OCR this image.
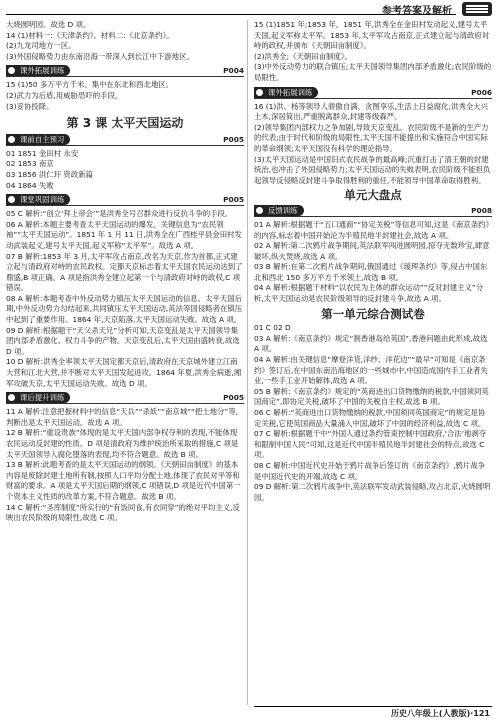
参考答案及解析

大烧圆明园。故选 D 项。

14 (1)材料一:《天津条约》。材料二:《北京条约》。

(2)九龙司地方一区。

(3)外国侵略势力由东南沿海一带深入到长江中下游地区。

课外拓展训练	P004

15 (1)50 多万平方千米。集中在东北和西北地区。

(2)武力为后盾,用威胁恐吓的手段。

(3)妥协投降。

第 3 课 太平天国运动
课前自主预习	P005

01 1851 金田村 永安

02 1853 南京

03 1856 洪仁玕 资政新篇

04 1864 失败

课堂巩固训练	P005

05 C 解析:“创立‘拜上帝会’”是洪秀全号召群众进行反抗斗争的手段。

06 A 解析:本题主要考查太平天国运动的爆发。关键信息为“农民领袖”“太平天国运动”。1851 年 1 月 11 日,洪秀全在广西桂平县金田村发动武装起义,建号太平天国,起义军称“太平军”。故选 A 项。

07 B 解析:1853 年 3 月,太平军攻占南京,改名为天京,作为首都,正式建立起与清政府对峙的农民政权。定都天京标志着太平天国农民运动达到了鼎盛,B 项正确。A 项是指洪秀全建立起第一个与清政府对峙的政权,C 项错误。

08 A 解析:本题考查中外反动势力镇压太平天国运动的信息。太平天国后期,中外反动势力勾结起来,共同镇压太平天国运动,英法等国侵略者在镇压中起到了重要作用。1864 年,天京陷落,太平天国运动失败。故选 A 项。

09 D 解析:根据题干“天父杀天兄”分析可知,天京变乱是太平天国领导集团内部矛盾激化、权力斗争的产物。天京变乱后,太平天国由盛转衰,故选 D 项。

10 D 解析:洪秀全率领太平天国定都天京后,清政府在天京城外建立江南大营和江北大营,并不断对太平天国发起进攻。1864 年夏,洪秀全病逝,湘军攻破天京,太平天国运动失败。故选 D 项。

课后提升训练	P005

11 A 解析:注意把握材料中的信息“天兵”“杀妖”“南京城”“把土地分”等,判断出是太平天国运动。故选 A 项。

12 B 解析:“重设贵族”体现的是太平天国内部争权夺利的表现,不能体现农民运动反封建的性质。D 项是清政府为维护统治所采取的措施,C 项是太平天国领导人腐化堕落的表现,均不符合题意。故选 B 项。

13 B 解析:此题考查的是太平天国运动的纲领。《天朝田亩制度》的基本内容是废除封建土地所有制,按照人口平均分配土地,体现了农民对平等和财富的要求。A 项是太平天国后期的纲领,C 项错误,D 项是近代中国第一个资本主义性质的改革方案,不符合题意。故选 B 项。

14 C 解析:“圣库制度”所实行的“有饭同食,有衣同穿”的绝对平均主义,反映出农民阶级的局限性,故选 C 项。

15 (1)1851 年;1853 年。1851 年,洪秀全在金田村发动起义,建号太平天国,起义军称太平军。1853 年,太平军攻占南京,正式建立起与清政府对峙的政权,并颁布《天朝田亩制度》。

(2)洪秀全;《天朝田亩制度》。

(3)中外反动势力的联合镇压;太平天国领导集团内部矛盾激化;农民阶级的局限性。

课外拓展训练	P006

16 (1)洪、杨等领导人骄傲自满、贪图享乐,生活上日益腐化;洪秀全大兴土木,深居简出,严重脱离群众,封建等级森严。

(2)领导集团内部权力之争加剧,导致天京变乱。农民阶级不是新的生产力的代表;由于时代和阶级的局限性,太平天国不能提出和实施符合中国实际的革命纲领;太平天国没有科学的理论指导。

(3)太平天国运动是中国旧式农民战争的最高峰;沉重打击了清王朝的封建统治,也冲击了外国侵略势力;太平天国运动的失败表明,农民阶级不能担负起领导反侵略反封建斗争取得胜利的重任,不能领导中国革命取得胜利。

单元大盘点
反馈训练	P008

01 A 解析:根据题干“五口通商”“协定关税”等信息可知,这是《南京条约》的内容,标志着中国开始沦为半殖民地半封建社会,故选 A 项。

02 A 解析:第二次鸦片战争期间,英法联军闯进圆明园,掠夺无数珍宝,肆意破坏,纵火焚烧,故选 A 项。

03 B 解析:在第二次鸦片战争期间,俄国通过《瑷珲条约》等,侵占中国东北和西北 150 多万平方千米领土,故选 B 项。

04 A 解析:根据题干材料“以农民为主体的群众运动”“反对封建主义”分析,太平天国运动是农民阶级领导的反封建斗争,故选 A 项。

第一单元综合测试卷

01 C 02 D

03 A 解析:《南京条约》规定“割香港岛给英国”,香港问题由此形成,故选 A 项。

04 A 解析:由关键信息“摩登洋货,洋纱、洋花边”“最早”可知是《南京条约》签订后,在中国东南沿海地区的一些城市中,中国造成国内手工业者失业,一些手工业开始解体,故选 A 项。

05 B 解析:《南京条约》规定的“英商进出口货物缴纳的税款,中国须同英国商定”,即协定关税,破坏了中国的关税自主权,故选 B 项。

06 C 解析:“英商进出口货物缴纳的税款,中国须同英国商定”的规定是协定关税,它使英国商品大量涌入中国,破坏了中国的经济利益,故选 C 项。

07 C 解析:根据题干中“外国人通过条约管束控制中国政府,‘合法’地剥夺和限制中国人民”可知,这是近代中国半殖民地半封建社会的特点,故选 C 项。

08 C 解析:中国近代史开始于鸦片战争后签订的《南京条约》,鸦片战争是中国近代史的开端,故选 C 项。

09 D 解析:第二次鸦片战争中,英法联军发动武装侵略,攻占北京,火烧圆明园。

历史八年级上(人教版)·121
